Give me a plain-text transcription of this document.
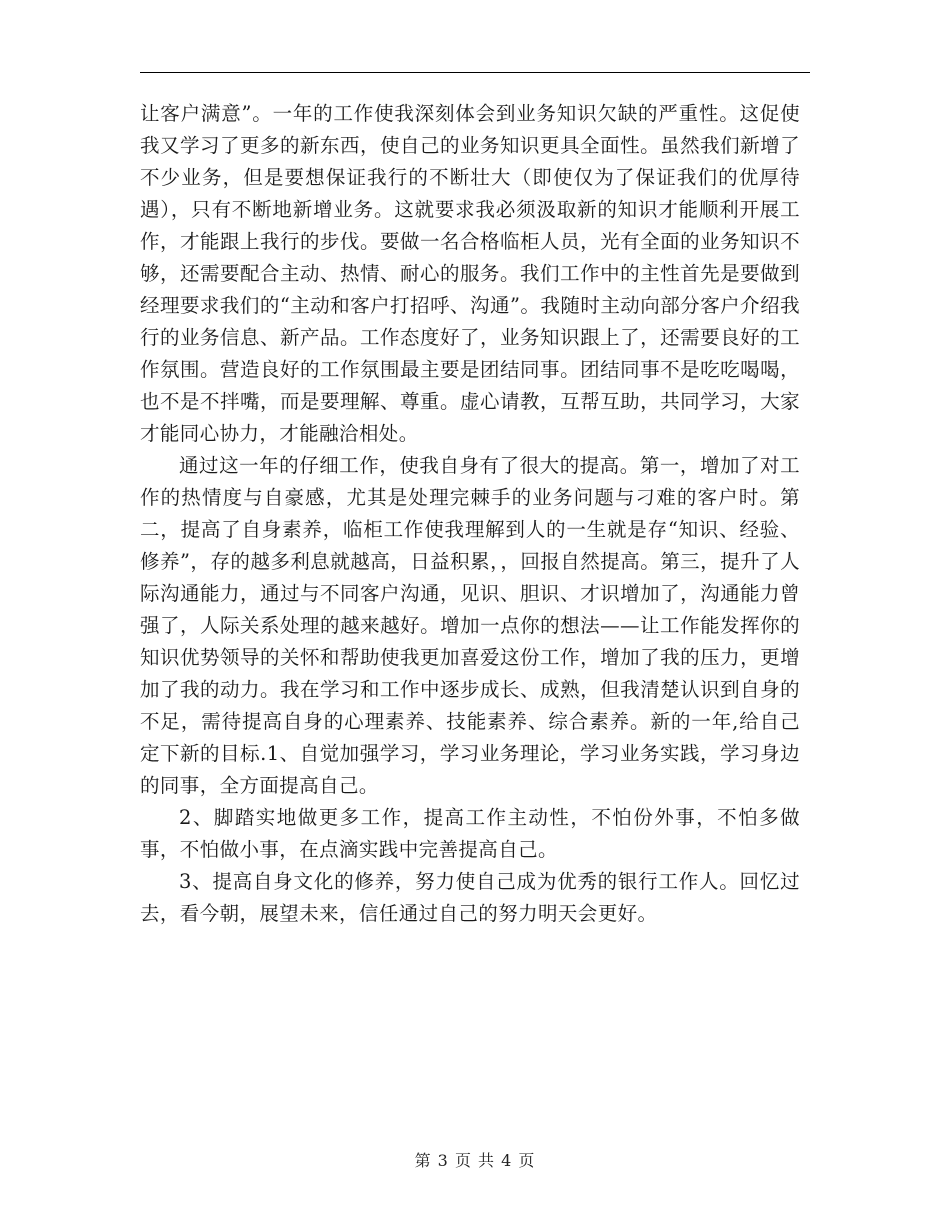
让客户满意”。一年的工作使我深刻体会到业务知识欠缺的严重性。这促使我又学习了更多的新东西，使自己的业务知识更具全面性。虽然我们新增了不少业务，但是要想保证我行的不断壮大（即使仅为了保证我们的优厚待遇），只有不断地新增业务。这就要求我必须汲取新的知识才能顺利开展工作，才能跟上我行的步伐。要做一名合格临柜人员，光有全面的业务知识不够，还需要配合主动、热情、耐心的服务。我们工作中的主性首先是要做到经理要求我们的“主动和客户打招呼、沟通”。我随时主动向部分客户介绍我行的业务信息、新产品。工作态度好了，业务知识跟上了，还需要良好的工作氛围。营造良好的工作氛围最主要是团结同事。团结同事不是吃吃喝喝，也不是不拌嘴，而是要理解、尊重。虚心请教，互帮互助，共同学习，大家才能同心协力，才能融洽相处。

通过这一年的仔细工作，使我自身有了很大的提高。第一，增加了对工作的热情度与自豪感，尤其是处理完棘手的业务问题与刁难的客户时。第二，提高了自身素养，临柜工作使我理解到人的一生就是存“知识、经验、修养”，存的越多利息就越高，日益积累，，回报自然提高。第三，提升了人际沟通能力，通过与不同客户沟通，见识、胆识、才识增加了，沟通能力曾强了，人际关系处理的越来越好。增加一点你的想法——让工作能发挥你的知识优势领导的关怀和帮助使我更加喜爱这份工作，增加了我的压力，更增加了我的动力。我在学习和工作中逐步成长、成熟，但我清楚认识到自身的不足，需待提高自身的心理素养、技能素养、综合素养。新的一年,给自己定下新的目标.1、自觉加强学习，学习业务理论，学习业务实践，学习身边的同事，全方面提高自己。

2、脚踏实地做更多工作，提高工作主动性，不怕份外事，不怕多做事，不怕做小事，在点滴实践中完善提高自己。

3、提高自身文化的修养，努力使自己成为优秀的银行工作人。回忆过去，看今朝，展望未来，信任通过自己的努力明天会更好。

第 3 页 共 4 页
